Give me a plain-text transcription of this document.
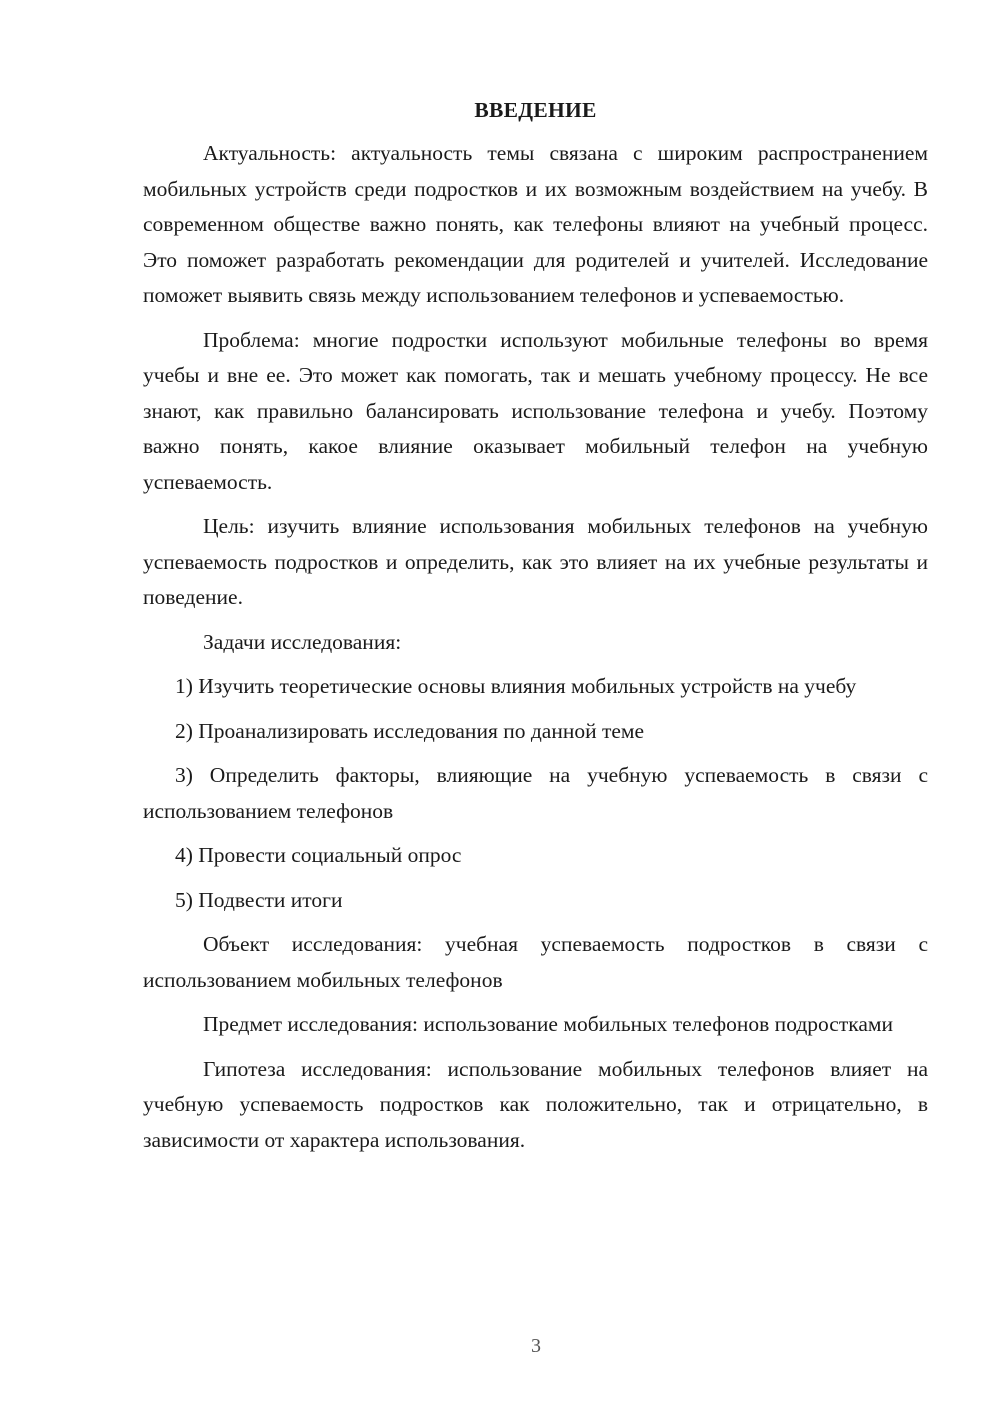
ВВЕДЕНИЕ

Актуальность: актуальность темы связана с широким распространением мобильных устройств среди подростков и их возможным воздействием на учебу. В современном обществе важно понять, как телефоны влияют на учебный процесс. Это поможет разработать рекомендации для родителей и учителей. Исследование поможет выявить связь между использованием телефонов и успеваемостью.

Проблема: многие подростки используют мобильные телефоны во время учебы и вне ее. Это может как помогать, так и мешать учебному процессу. Не все знают, как правильно балансировать использование телефона и учебу. Поэтому важно понять, какое влияние оказывает мобильный телефон на учебную успеваемость.

Цель: изучить влияние использования мобильных телефонов на учебную успеваемость подростков и определить, как это влияет на их учебные результаты и поведение.

Задачи исследования:

1) Изучить теоретические основы влияния мобильных устройств на учебу

2) Проанализировать исследования по данной теме

3) Определить факторы, влияющие на учебную успеваемость в связи с использованием телефонов

4) Провести социальный опрос

5) Подвести итоги

Объект исследования: учебная успеваемость подростков в связи с использованием мобильных телефонов

Предмет исследования: использование мобильных телефонов подростками

Гипотеза исследования: использование мобильных телефонов влияет на учебную успеваемость подростков как положительно, так и отрицательно, в зависимости от характера использования.

3
